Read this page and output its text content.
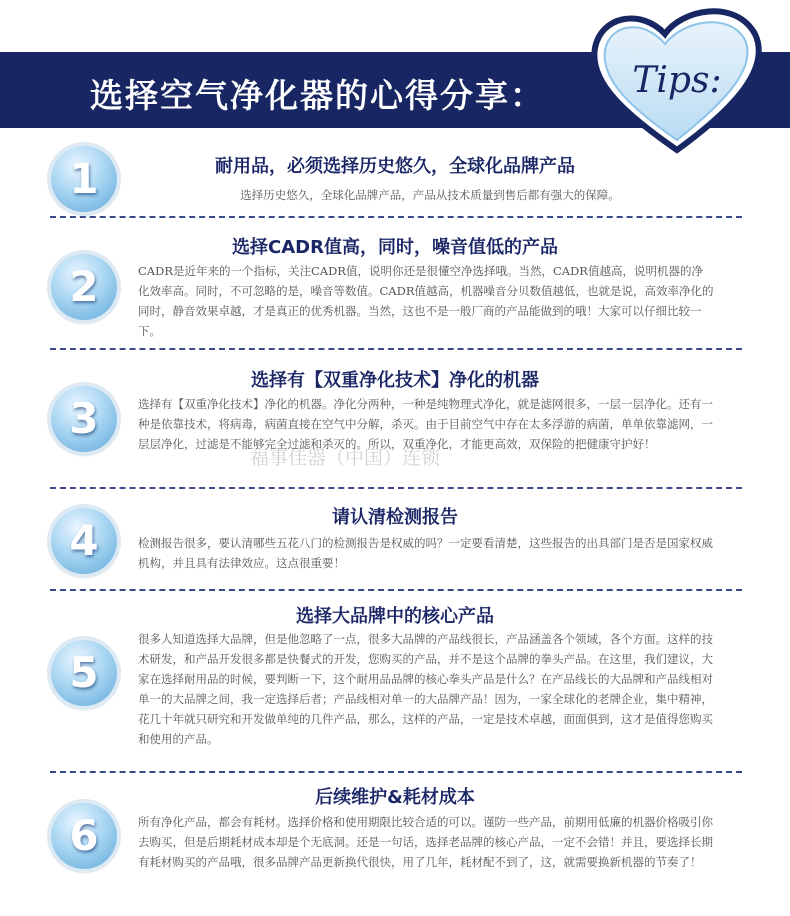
选择空气净化器的心得分享：	Tips:
1	耐用品，必须选择历史悠久，全球化品牌产品
选择历史悠久，全球化品牌产品，产品从技术质量到售后都有强大的保障。
2
选择CADR值高，同时，噪音值低的产品
CADR是近年来的一个指标，关注CADR值，说明你还是很懂空净选择哦。当然，CADR值越高，说明机器的净化效率高。同时，不可忽略的是，噪音等数值。CADR值越高，机器噪音分贝数值越低，也就是说，高效率净化的同时，静音效果卓越，才是真正的优秀机器。当然，这也不是一般厂商的产品能做到的哦！大家可以仔细比较一下。
3
选择有【双重净化技术】净化的机器
选择有【双重净化技术】净化的机器。净化分两种，一种是纯物理式净化，就是滤网很多，一层一层净化。还有一种是依靠技术，将病毒，病菌直接在空气中分解，杀灭。由于目前空气中存在太多浮游的病菌，单单依靠滤网，一层层净化，过滤是不能够完全过滤和杀灭的。所以，双重净化，才能更高效，双保险的把健康守护好！
福事佳器（中国）连锁
4	请认清检测报告
检测报告很多，要认清哪些五花八门的检测报告是权威的吗？一定要看清楚，这些报告的出具部门是否是国家权威机构，并且具有法律效应。这点很重要！
5
选择大品牌中的核心产品
很多人知道选择大品牌，但是他忽略了一点，很多大品牌的产品线很长，产品涵盖各个领域，各个方面。这样的技术研发，和产品开发很多都是快餐式的开发，您购买的产品，并不是这个品牌的拳头产品。在这里，我们建议，大家在选择耐用品的时候，要判断一下，这个耐用品品牌的核心拳头产品是什么？在产品线长的大品牌和产品线相对单一的大品牌之间，我一定选择后者；产品线相对单一的大品牌产品！因为，一家全球化的老牌企业，集中精神，花几十年就只研究和开发做单纯的几件产品，那么，这样的产品，一定是技术卓越，面面俱到，这才是值得您购买和使用的产品。
6
后续维护&耗材成本
所有净化产品，都会有耗材。选择价格和使用期限比较合适的可以。谨防一些产品，前期用低廉的机器价格吸引你去购买，但是后期耗材成本却是个无底洞。还是一句话，选择老品牌的核心产品，一定不会错！并且，要选择长期有耗材购买的产品哦，很多品牌产品更新换代很快，用了几年，耗材配不到了，这，就需要换新机器的节奏了！
